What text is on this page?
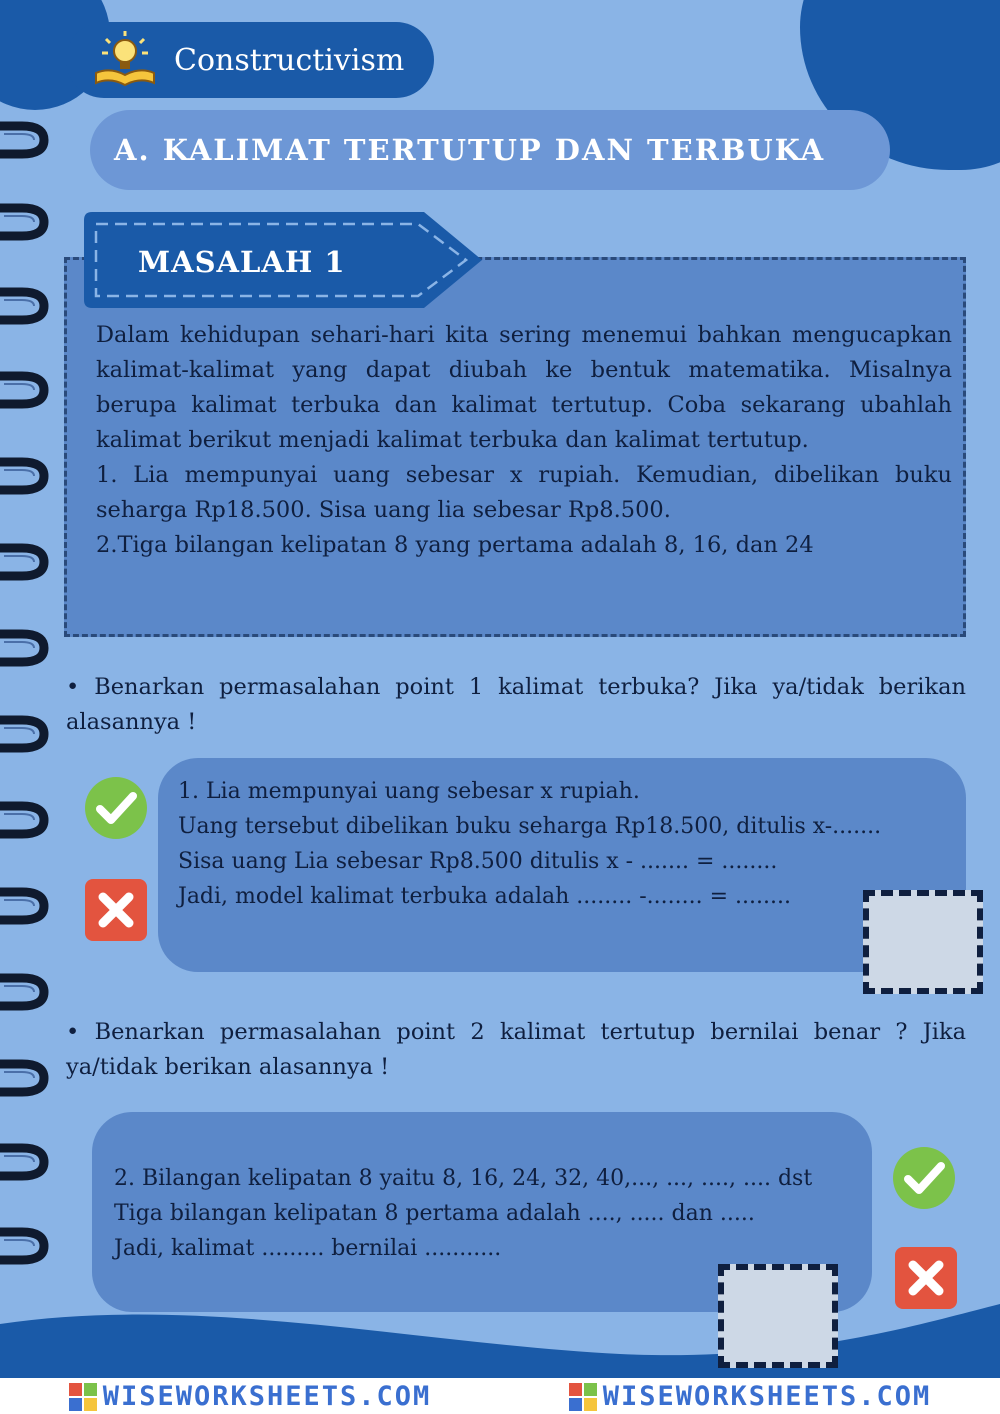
Constructivism
A. KALIMAT TERTUTUP DAN TERBUKA
MASALAH 1

Dalam kehidupan sehari-hari kita sering menemui bahkan mengucapkan kalimat-kalimat yang dapat diubah ke bentuk matematika. Misalnya berupa kalimat terbuka dan kalimat tertutup. Coba sekarang ubahlah kalimat berikut menjadi kalimat terbuka dan kalimat tertutup.

1. Lia mempunyai uang sebesar x rupiah. Kemudian, dibelikan buku seharga Rp18.500. Sisa uang lia sebesar Rp8.500.

2.Tiga bilangan kelipatan 8 yang pertama adalah 8, 16, dan 24

• Benarkan permasalahan point 1 kalimat terbuka? Jika ya/tidak berikan alasannya !

1. Lia mempunyai uang sebesar x rupiah.

Uang tersebut dibelikan buku seharga Rp18.500, ditulis x-.......

Sisa uang Lia sebesar Rp8.500 ditulis x - ....... = ........

Jadi, model kalimat terbuka adalah ........ -........ = ........

• Benarkan permasalahan point 2 kalimat tertutup bernilai benar ? Jika ya/tidak berikan alasannya !

2. Bilangan kelipatan 8 yaitu 8, 16, 24, 32, 40,..., ..., ...., .... dst

Tiga bilangan kelipatan 8 pertama adalah ...., ..... dan .....

Jadi, kalimat ......... bernilai ...........

WISEWORKSHEETS.COM	WISEWORKSHEETS.COM
